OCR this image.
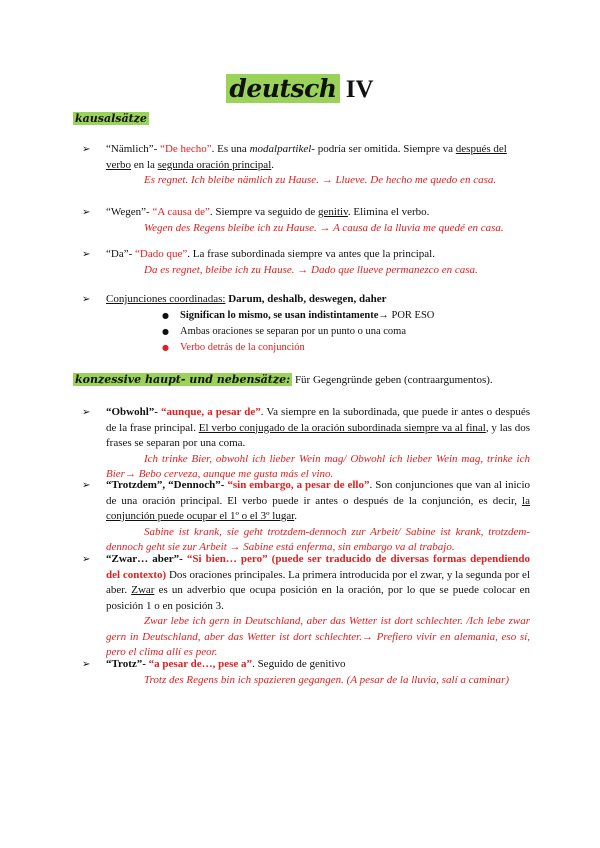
deutsch IV
kausalsätze
➢ “Nämlich”- “De hecho”. Es una modalpartikel- podría ser omitida. Siempre va después del verbo en la segunda oración principal.
Es regnet. Ich bleibe nämlich zu Hause. → Llueve. De hecho me quedo en casa.
➢ “Wegen”- “A causa de”. Siempre va seguido de genitiv. Elimina el verbo.
Wegen des Regens bleibe ich zu Hause. → A causa de la lluvia me quedé en casa.
➢ “Da”- “Dado que”. La frase subordinada siempre va antes que la principal.
Da es regnet, bleibe ich zu Hause. → Dado que llueve permanezco en casa.
➢ Conjunciones coordinadas: Darum, deshalb, deswegen, daher
● Significan lo mismo, se usan indistintamente→ POR ESO
● Ambas oraciones se separan por un punto o una coma
● Verbo detrás de la conjunción
konzessive haupt- und nebensätze: Für Gegengründe geben (contraargumentos).
➢ “Obwohl”- “aunque, a pesar de”. Va siempre en la subordinada, que puede ir antes o después de la frase principal. El verbo conjugado de la oración subordinada siempre va al final, y las dos frases se separan por una coma.
Ich trinke Bier, obwohl ich lieber Wein mag/ Obwohl ich lieber Wein mag, trinke ich Bier→ Bebo cerveza, aunque me gusta más el vino.
➢ “Trotzdem”, “Dennoch”- “sin embargo, a pesar de ello”. Son conjunciones que van al inicio de una oración principal. El verbo puede ir antes o después de la conjunción, es decir, la conjunción puede ocupar el 1º o el 3º lugar.
Sabine ist krank, sie geht trotzdem-dennoch zur Arbeit/ Sabine ist krank, trotzdem-dennoch geht sie zur Arbeit → Sabine está enferma, sin embargo va al trabajo.
➢ “Zwar… aber”- “Si bien… pero” (puede ser traducido de diversas formas dependiendo del contexto) Dos oraciones principales. La primera introducida por el zwar, y la segunda por el aber. Zwar es un adverbio que ocupa posición en la oración, por lo que se puede colocar en posición 1 o en posición 3.
Zwar lebe ich gern in Deutschland, aber das Wetter ist dort schlechter. /Ich lebe zwar gern in Deutschland, aber das Wetter ist dort schlechter.→ Prefiero vivir en alemania, eso sí, pero el clima allí es peor.
➢ “Trotz”- “a pesar de…, pese a”. Seguido de genitivo
Trotz des Regens bin ich spazieren gegangen. (A pesar de la lluvia, salí a caminar)
